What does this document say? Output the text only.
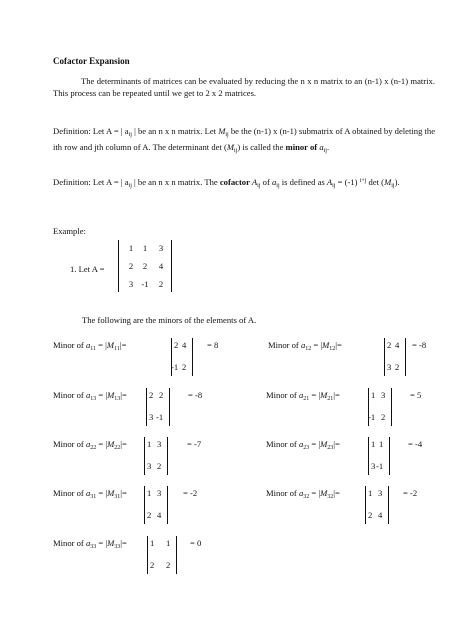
Cofactor Expansion
The determinants of matrices can be evaluated by reducing the n x n matrix to an (n-1) x (n-1) matrix. This process can be repeated until we get to 2 x 2 matrices.
Definition: Let A = | $a_{ij}$ | be an n x n matrix. Let $M_{ij}$ be the (n-1) x (n-1) submatrix of A obtained by deleting the ith row and jth column of A. The determinant $\det (M_{ij})$ is called the minor of $a_{ij}$.
Definition: Let A = | $a_{ij}$ | be an n x n matrix. The cofactor $A_{ij}$ of $a_{ij}$ is defined as $A_{ij} = (-1)$ $^{i+j}$ $\det (M_{ij})$.
Example:
1. Let A =
1	1	3
2	2	4
3 -1	2
The following are the minors of the elements of A.
Minor of $a_{11} = |M_{11}|=$	2 4
-1 2
= 8	Minor of $a_{12} = |M_{12}|=$	2 4
3 2
= -8
Minor of $a_{13} = |M_{13}|=$	2 2
3 -1
= -8	Minor of $a_{21} = |M_{21}|=$	1 3
-1 2
= 5
Minor of $a_{22} = |M_{22}|= 1$ 3
3 2
= -7	Minor of $a_{23} = |M_{23}|=$	1 1
3 -1
= -4
Minor of $a_{31} = |M_{31}|= 1$ 3
2 4
= -2	Minor of $a_{32} = |M_{32}|=$	1 3
2 4
= -2
Minor of $a_{33} = |M_{33}|=$	1 1
2 2
= 0
